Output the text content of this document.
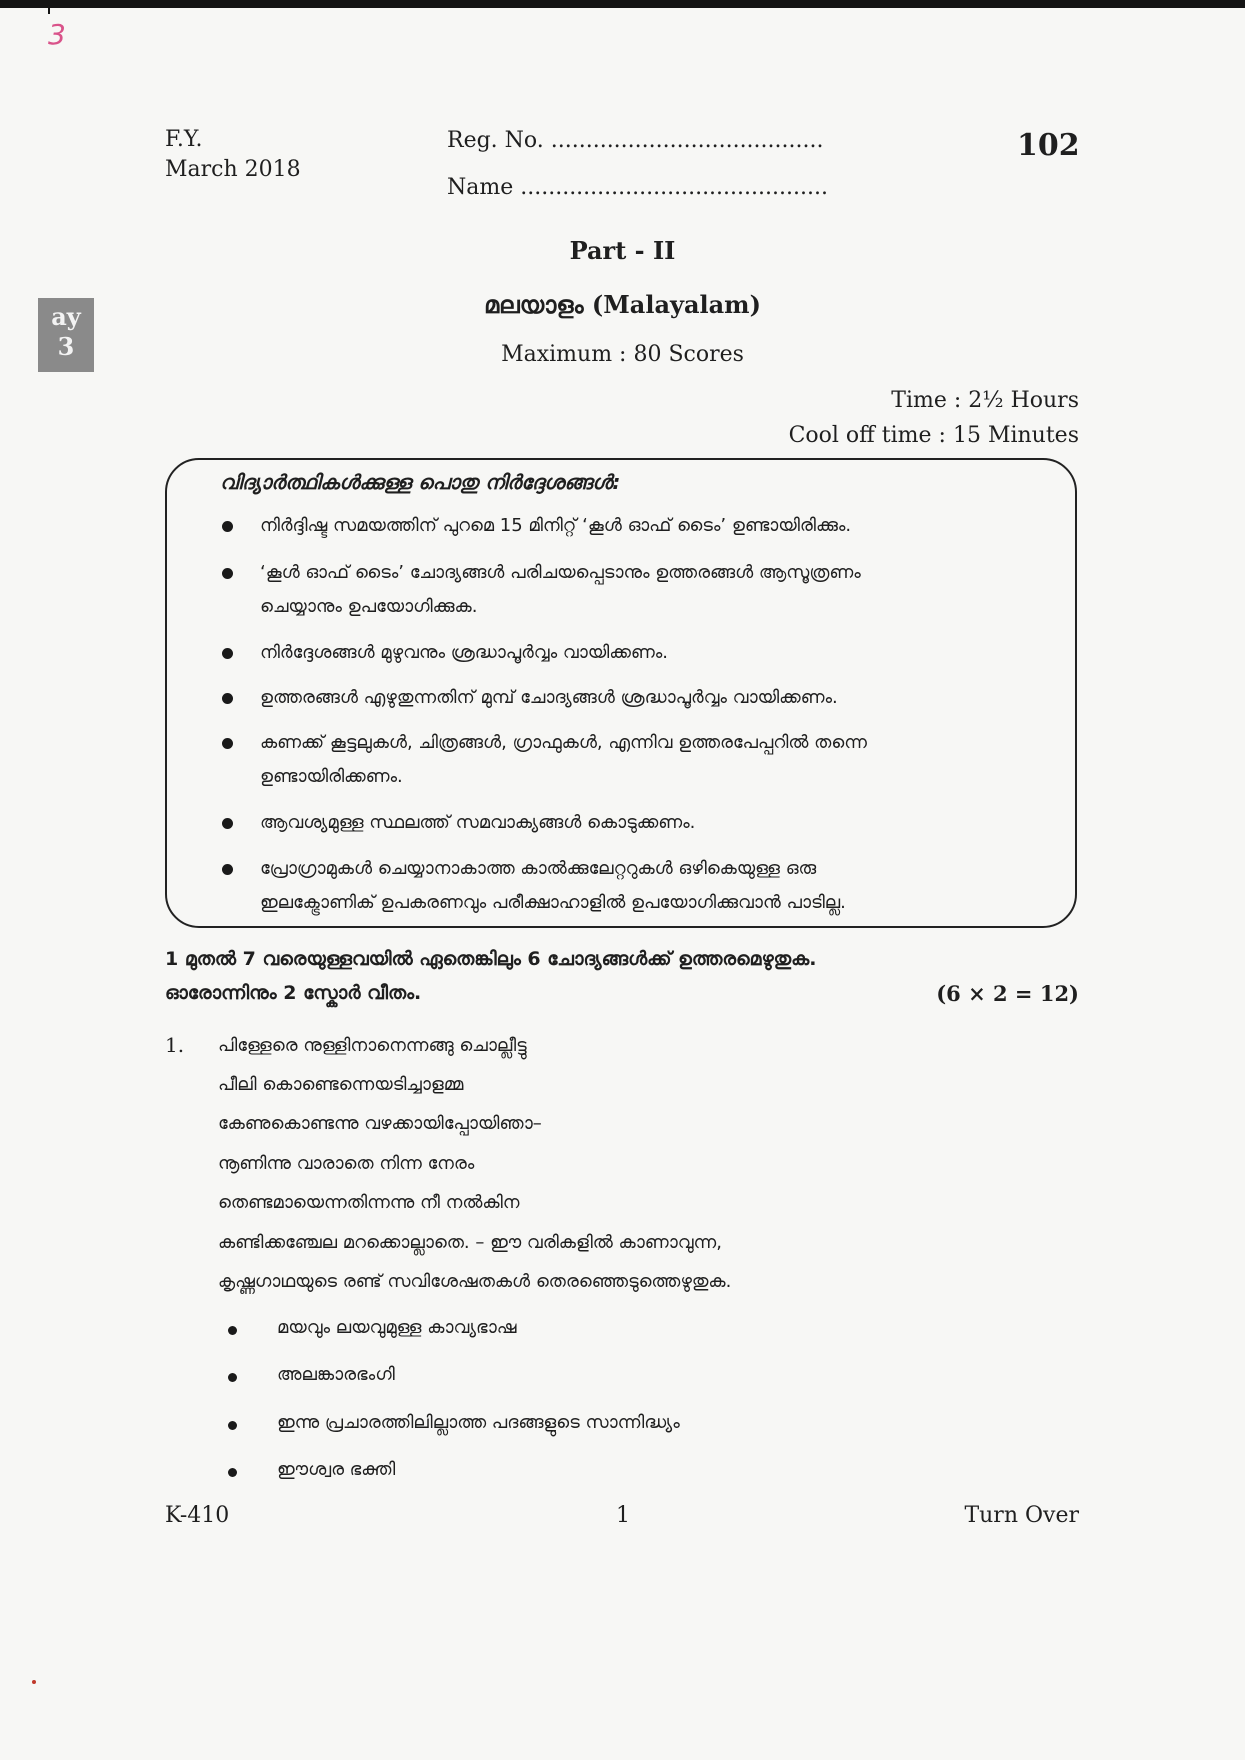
3
ay
3
F.Y.
March 2018
Reg. No. .......................................
Name ............................................
102
Part - II
മലയാളം (Malayalam)
Maximum : 80 Scores
Time : 2½ Hours
Cool off time : 15 Minutes
വിദ്യാർത്ഥികൾക്കുള്ള പൊതു നിർദ്ദേശങ്ങൾ:
നിർദ്ദിഷ്ട സമയത്തിന് പുറമെ 15 മിനിറ്റ് ‘കൂൾ ഓഫ് ടൈം’ ഉണ്ടായിരിക്കും.
‘കൂൾ ഓഫ് ടൈം’ ചോദ്യങ്ങൾ പരിചയപ്പെടാനും ഉത്തരങ്ങൾ ആസൂത്രണം
ചെയ്യാനും ഉപയോഗിക്കുക.
നിർദ്ദേശങ്ങൾ മുഴുവനും ശ്രദ്ധാപൂർവ്വം വായിക്കണം.
ഉത്തരങ്ങൾ എഴുതുന്നതിന് മുമ്പ് ചോദ്യങ്ങൾ ശ്രദ്ധാപൂർവ്വം വായിക്കണം.
കണക്ക് കൂട്ടലുകൾ, ചിത്രങ്ങൾ, ഗ്രാഫുകൾ, എന്നിവ ഉത്തരപേപ്പറിൽ തന്നെ
ഉണ്ടായിരിക്കണം.
ആവശ്യമുള്ള സ്ഥലത്ത് സമവാക്യങ്ങൾ കൊടുക്കണം.
പ്രോഗ്രാമുകൾ ചെയ്യാനാകാത്ത കാൽക്കുലേറ്ററുകൾ ഒഴികെയുള്ള ഒരു
ഇലക്ട്രോണിക് ഉപകരണവും പരീക്ഷാഹാളിൽ ഉപയോഗിക്കുവാൻ പാടില്ല.
1 മുതൽ 7 വരെയുള്ളവയിൽ ഏതെങ്കിലും 6 ചോദ്യങ്ങൾക്ക് ഉത്തരമെഴുതുക.
ഓരോന്നിനും 2 സ്കോർ വീതം.	(6 × 2 = 12)
1. പിള്ളേരെ നുള്ളിനാനെന്നങ്ങു ചൊല്ലീട്ടു
പീലി കൊണ്ടെന്നെയടിച്ചാളമ്മ
കേണുകൊണ്ടന്നു വഴക്കായിപ്പോയിഞാ–
നൂണിന്നു വാരാതെ നിന്ന നേരം
തെണ്ടമായെന്നതിന്നന്നു നീ നൽകിന
കണ്ടിക്കഞ്ചേല മറക്കൊല്ലാതെ. – ഈ വരികളിൽ കാണാവുന്ന,
കൃഷ്ണഗാഥയുടെ രണ്ട് സവിശേഷതകൾ തെരഞ്ഞെടുത്തെഴുതുക.
മയവും ലയവുമുള്ള കാവ്യഭാഷ
അലങ്കാരഭംഗി
ഇന്നു പ്രചാരത്തിലില്ലാത്ത പദങ്ങളുടെ സാന്നിദ്ധ്യം
ഈശ്വര ഭക്തി
K-410	1	Turn Over
